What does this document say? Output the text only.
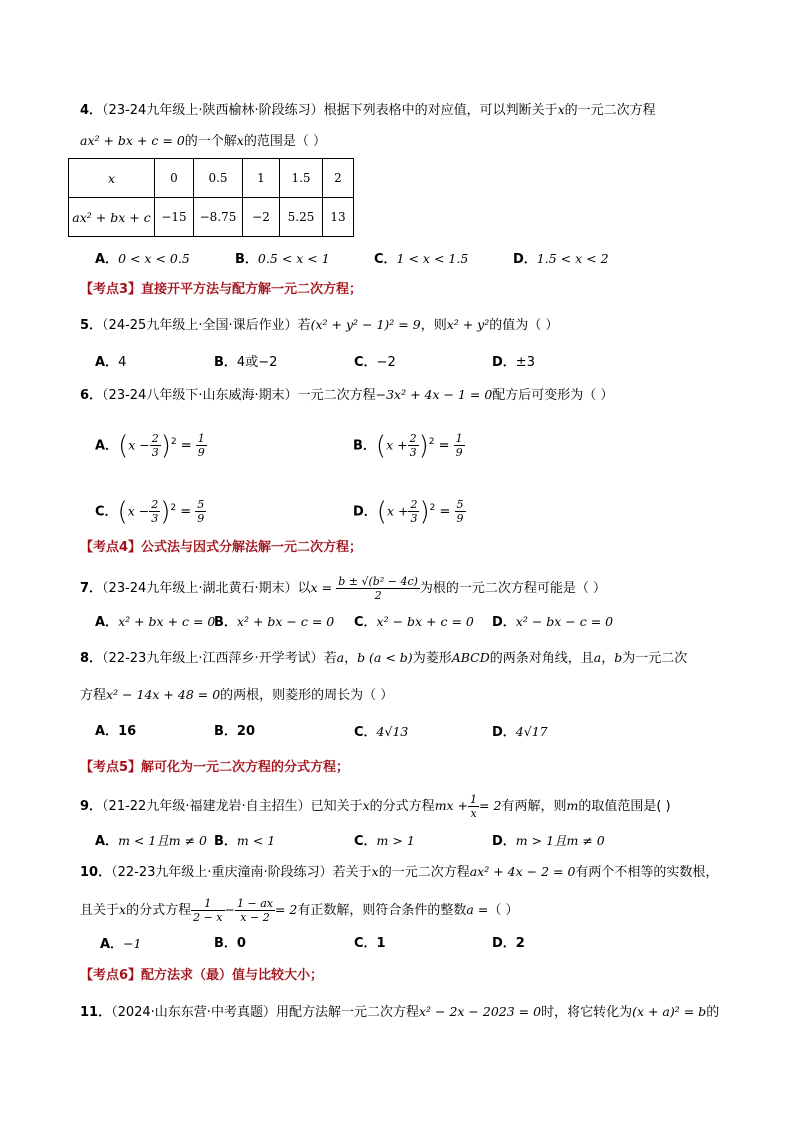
4．（23-24九年级上·陕西榆林·阶段练习）根据下列表格中的对应值，可以判断关于x的一元二次方程
ax² + bx + c = 0的一个解x的范围是（ ）
x	0	0.5	1	1.5	2
ax² + bx + c	−15	−8.75	−2	5.25	13
A．0 < x < 0.5	B．0.5 < x < 1	C．1 < x < 1.5	D．1.5 < x < 2
【考点3】直接开平方法与配方解一元二次方程；
5．（24-25九年级上·全国·课后作业）若(x² + y² − 1)² = 9，则x² + y²的值为（ ）
A．4	B．4或−2	C．−2	D．±3
6．（23-24八年级下·山东威海·期末）一元二次方程−3x² + 4x − 1 = 0配方后可变形为（ ）
A．$(x - \frac{2}{3} )^2 = \frac{1}{9}$	B．$(x + \frac{2}{3} )^2 = \frac{1}{9}$
C．$(x - \frac{2}{3} )^2 = \frac{5}{9}$	D．$(x + \frac{2}{3} )^2 = \frac{5}{9}$
【考点4】公式法与因式分解法解一元二次方程；
7．（23-24九年级上·湖北黄石·期末）以$x = \frac{\text{b ± √(b² − 4c)}}{2}$ 为根的一元二次方程可能是（ ）
A．x² + bx + c = 0
B．x² + bx − c = 0 C．x² − bx + c = 0 D．x² − bx − c = 0
8．（22-23九年级上·江西萍乡·开学考试）若a，b (a < b)为菱形ABCD的两条对角线，且a，b为一元二次
方程x² − 14x + 48 = 0的两根，则菱形的周长为（ ）
A．16	B．20	C．4√13	D．4√17
【考点5】解可化为一元二次方程的分式方程；
9．（21-22九年级·福建龙岩·自主招生）已知关于x的分式方程mx + $\frac{1}{x} = 2$有两解，则m的取值范围是( )
A．m < 1且m ≠ 0 B．m < 1	C．m > 1	D．m > 1且m ≠ 0
10．（22-23九年级上·重庆潼南·阶段练习）若关于x的一元二次方程ax² + 4x − 2 = 0有两个不相等的实数根，
且关于x的分式方程 $\frac{1}{2 - x} - \frac{1 - ax}{x - 2} = 2$有正数解，则符合条件的整数a =（ ）
A．−1	B．0	C．1	D．2
【考点6】配方法求（最）值与比较大小；
11．（2024·山东东营·中考真题）用配方法解一元二次方程x² − 2x − 2023 = 0时，将它转化为(x + a)² = b的
